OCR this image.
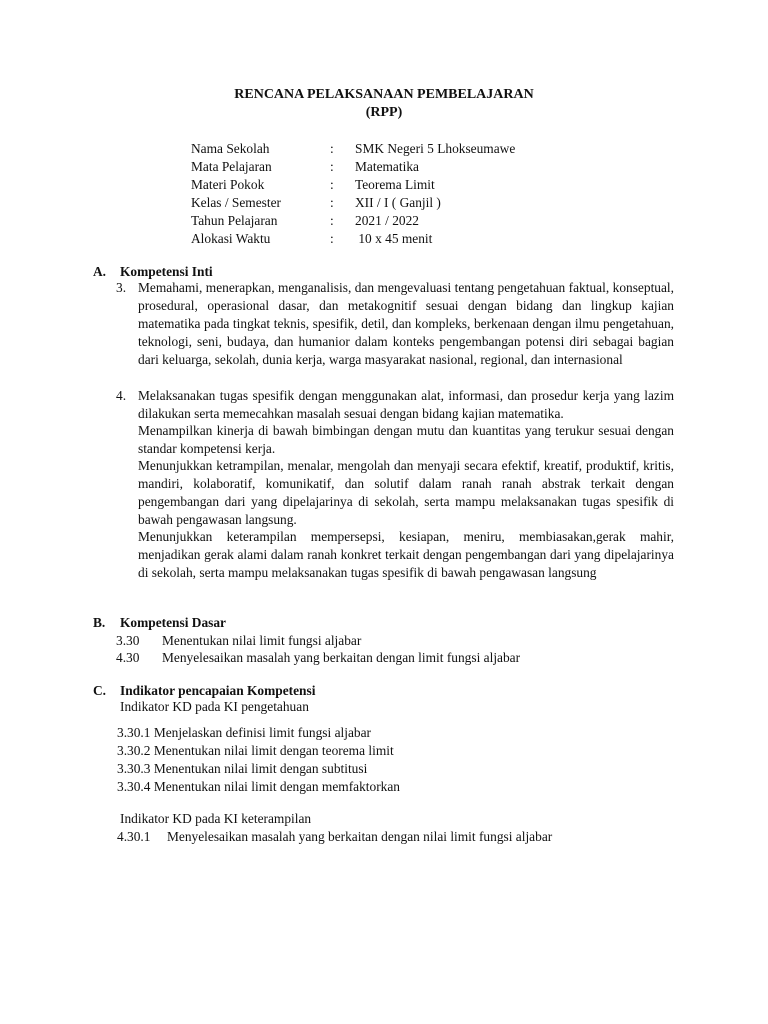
RENCANA PELAKSANAAN PEMBELAJARAN
(RPP)
Nama Sekolah	: SMK Negeri 5 Lhokseumawe
Mata Pelajaran	: Matematika
Materi Pokok	: Teorema Limit
Kelas / Semester	: XII / I ( Ganjil )
Tahun Pelajaran	: 2021 / 2022
Alokasi Waktu	: 10 x 45 menit
A. Kompetensi Inti
3. Memahami, menerapkan, menganalisis, dan mengevaluasi tentang pengetahuan faktual, konseptual, prosedural, operasional dasar, dan metakognitif sesuai dengan bidang dan lingkup kajian matematika pada tingkat teknis, spesifik, detil, dan kompleks, berkenaan dengan ilmu pengetahuan, teknologi, seni, budaya, dan humanior dalam konteks pengembangan potensi diri sebagai bagian dari keluarga, sekolah, dunia kerja, warga masyarakat nasional, regional, dan internasional
4. Melaksanakan tugas spesifik dengan menggunakan alat, informasi, dan prosedur kerja yang lazim dilakukan serta memecahkan masalah sesuai dengan bidang kajian matematika.
Menampilkan kinerja di bawah bimbingan dengan mutu dan kuantitas yang terukur sesuai dengan standar kompetensi kerja.
Menunjukkan ketrampilan, menalar, mengolah dan menyaji secara efektif, kreatif, produktif, kritis, mandiri, kolaboratif, komunikatif, dan solutif dalam ranah ranah abstrak terkait dengan pengembangan dari yang dipelajarinya di sekolah, serta mampu melaksanakan tugas spesifik di bawah pengawasan langsung.
Menunjukkan keterampilan mempersepsi, kesiapan, meniru, membiasakan,gerak mahir, menjadikan gerak alami dalam ranah konkret terkait dengan pengembangan dari yang dipelajarinya di sekolah, serta mampu melaksanakan tugas spesifik di bawah pengawasan langsung
B. Kompetensi Dasar
3.30 Menentukan nilai limit fungsi aljabar
4.30 Menyelesaikan masalah yang berkaitan dengan limit fungsi aljabar
C. Indikator pencapaian Kompetensi
Indikator KD pada KI pengetahuan
3.30.1 Menjelaskan definisi limit fungsi aljabar
3.30.2 Menentukan nilai limit dengan teorema limit
3.30.3 Menentukan nilai limit dengan subtitusi
3.30.4 Menentukan nilai limit dengan memfaktorkan
Indikator KD pada KI keterampilan
4.30.1 Menyelesaikan masalah yang berkaitan dengan nilai limit fungsi aljabar
